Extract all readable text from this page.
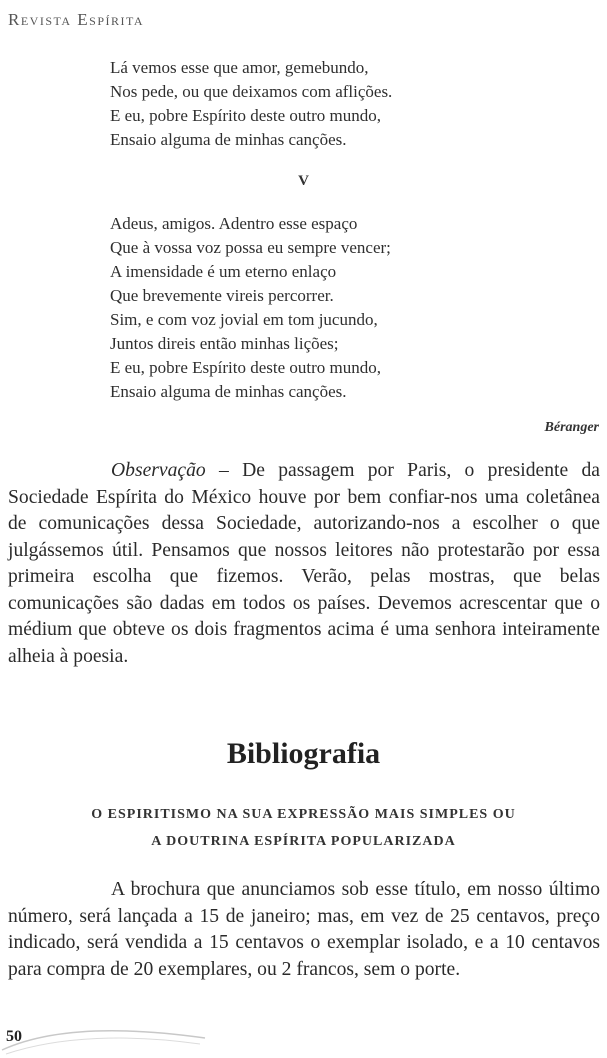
Revista Espírita
Lá vemos esse que amor, gemebundo,
Nos pede, ou que deixamos com aflições.
E eu, pobre Espírito deste outro mundo,
Ensaio alguma de minhas canções.
V
Adeus, amigos. Adentro esse espaço
Que à vossa voz possa eu sempre vencer;
A imensidade é um eterno enlaço
Que brevemente vireis percorrer.
Sim, e com voz jovial em tom jucundo,
Juntos direis então minhas lições;
E eu, pobre Espírito deste outro mundo,
Ensaio alguma de minhas canções.
Béranger

Observação – De passagem por Paris, o presidente da Sociedade Espírita do México houve por bem confiar-nos uma coletânea de comunicações dessa Sociedade, autorizando-nos a escolher o que julgássemos útil. Pensamos que nossos leitores não protestarão por essa primeira escolha que fizemos. Verão, pelas mostras, que belas comunicações são dadas em todos os países. Devemos acrescentar que o médium que obteve os dois fragmentos acima é uma senhora inteiramente alheia à poesia.

Bibliografia
O ESPIRITISMO NA SUA EXPRESSÃO MAIS SIMPLES OU
A DOUTRINA ESPÍRITA POPULARIZADA

A brochura que anunciamos sob esse título, em nosso último número, será lançada a 15 de janeiro; mas, em vez de 25 centavos, preço indicado, será vendida a 15 centavos o exemplar isolado, e a 10 centavos para compra de 20 exemplares, ou 2 francos, sem o porte.

50
